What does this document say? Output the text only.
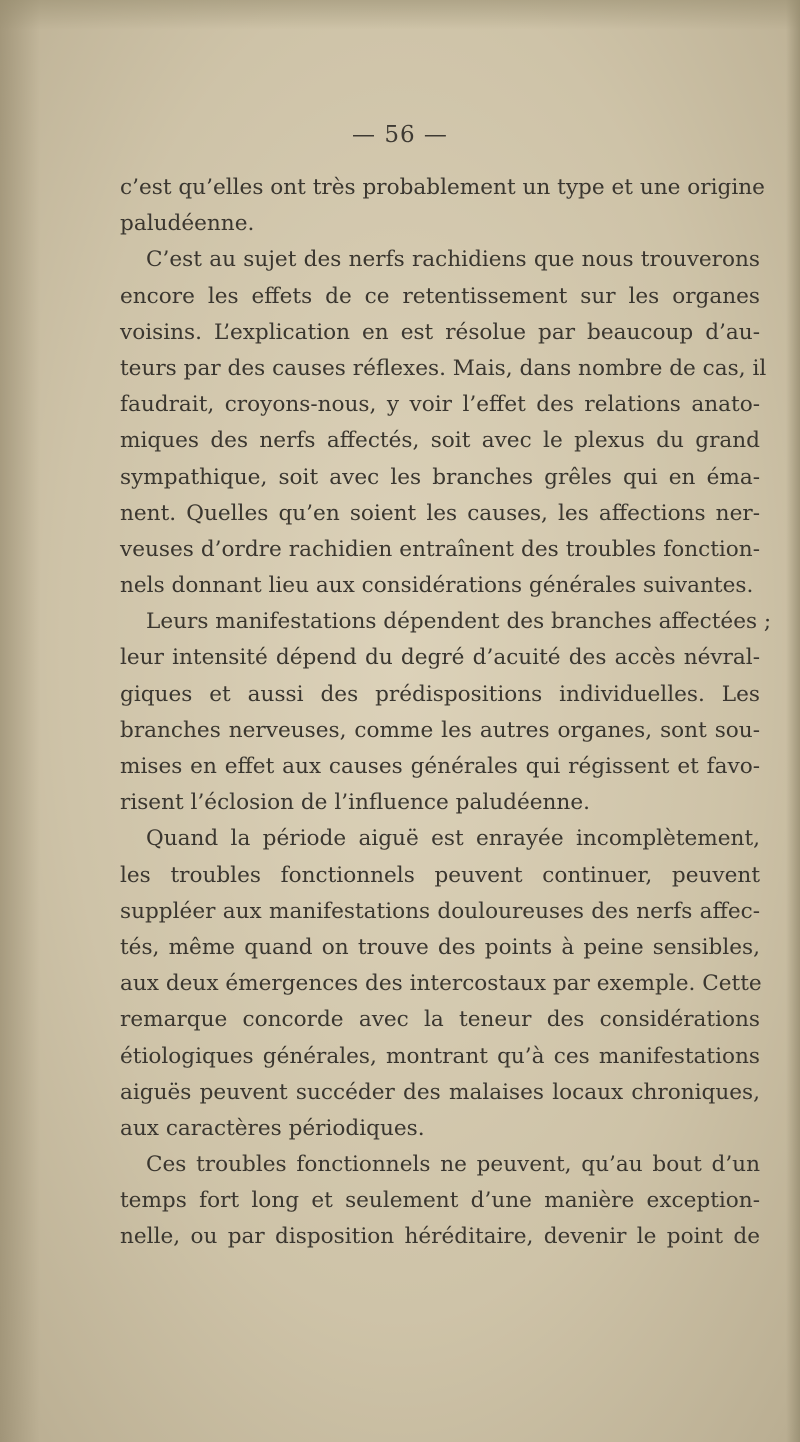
— 56 —
c’est qu’elles ont très probablement un type et une origine
paludéenne.
C’est au sujet des nerfs rachidiens que nous trouverons
encore les effets de ce retentissement sur les organes
voisins. L’explication en est résolue par beaucoup d’au-
teurs par des causes réflexes. Mais, dans nombre de cas, il
faudrait, croyons-nous, y voir l’effet des relations anato-
miques des nerfs affectés, soit avec le plexus du grand
sympathique, soit avec les branches grêles qui en éma-
nent. Quelles qu’en soient les causes, les affections ner-
veuses d’ordre rachidien entraînent des troubles fonction-
nels donnant lieu aux considérations générales suivantes.
Leurs manifestations dépendent des branches affectées ;
leur intensité dépend du degré d’acuité des accès névral-
giques et aussi des prédispositions individuelles. Les
branches nerveuses, comme les autres organes, sont sou-
mises en effet aux causes générales qui régissent et favo-
risent l’éclosion de l’influence paludéenne.
Quand la période aiguë est enrayée incomplètement,
les troubles fonctionnels peuvent continuer, peuvent
suppléer aux manifestations douloureuses des nerfs affec-
tés, même quand on trouve des points à peine sensibles,
aux deux émergences des intercostaux par exemple. Cette
remarque concorde avec la teneur des considérations
étiologiques générales, montrant qu’à ces manifestations
aiguës peuvent succéder des malaises locaux chroniques,
aux caractères périodiques.
Ces troubles fonctionnels ne peuvent, qu’au bout d’un
temps fort long et seulement d’une manière exception-
nelle, ou par disposition héréditaire, devenir le point de
